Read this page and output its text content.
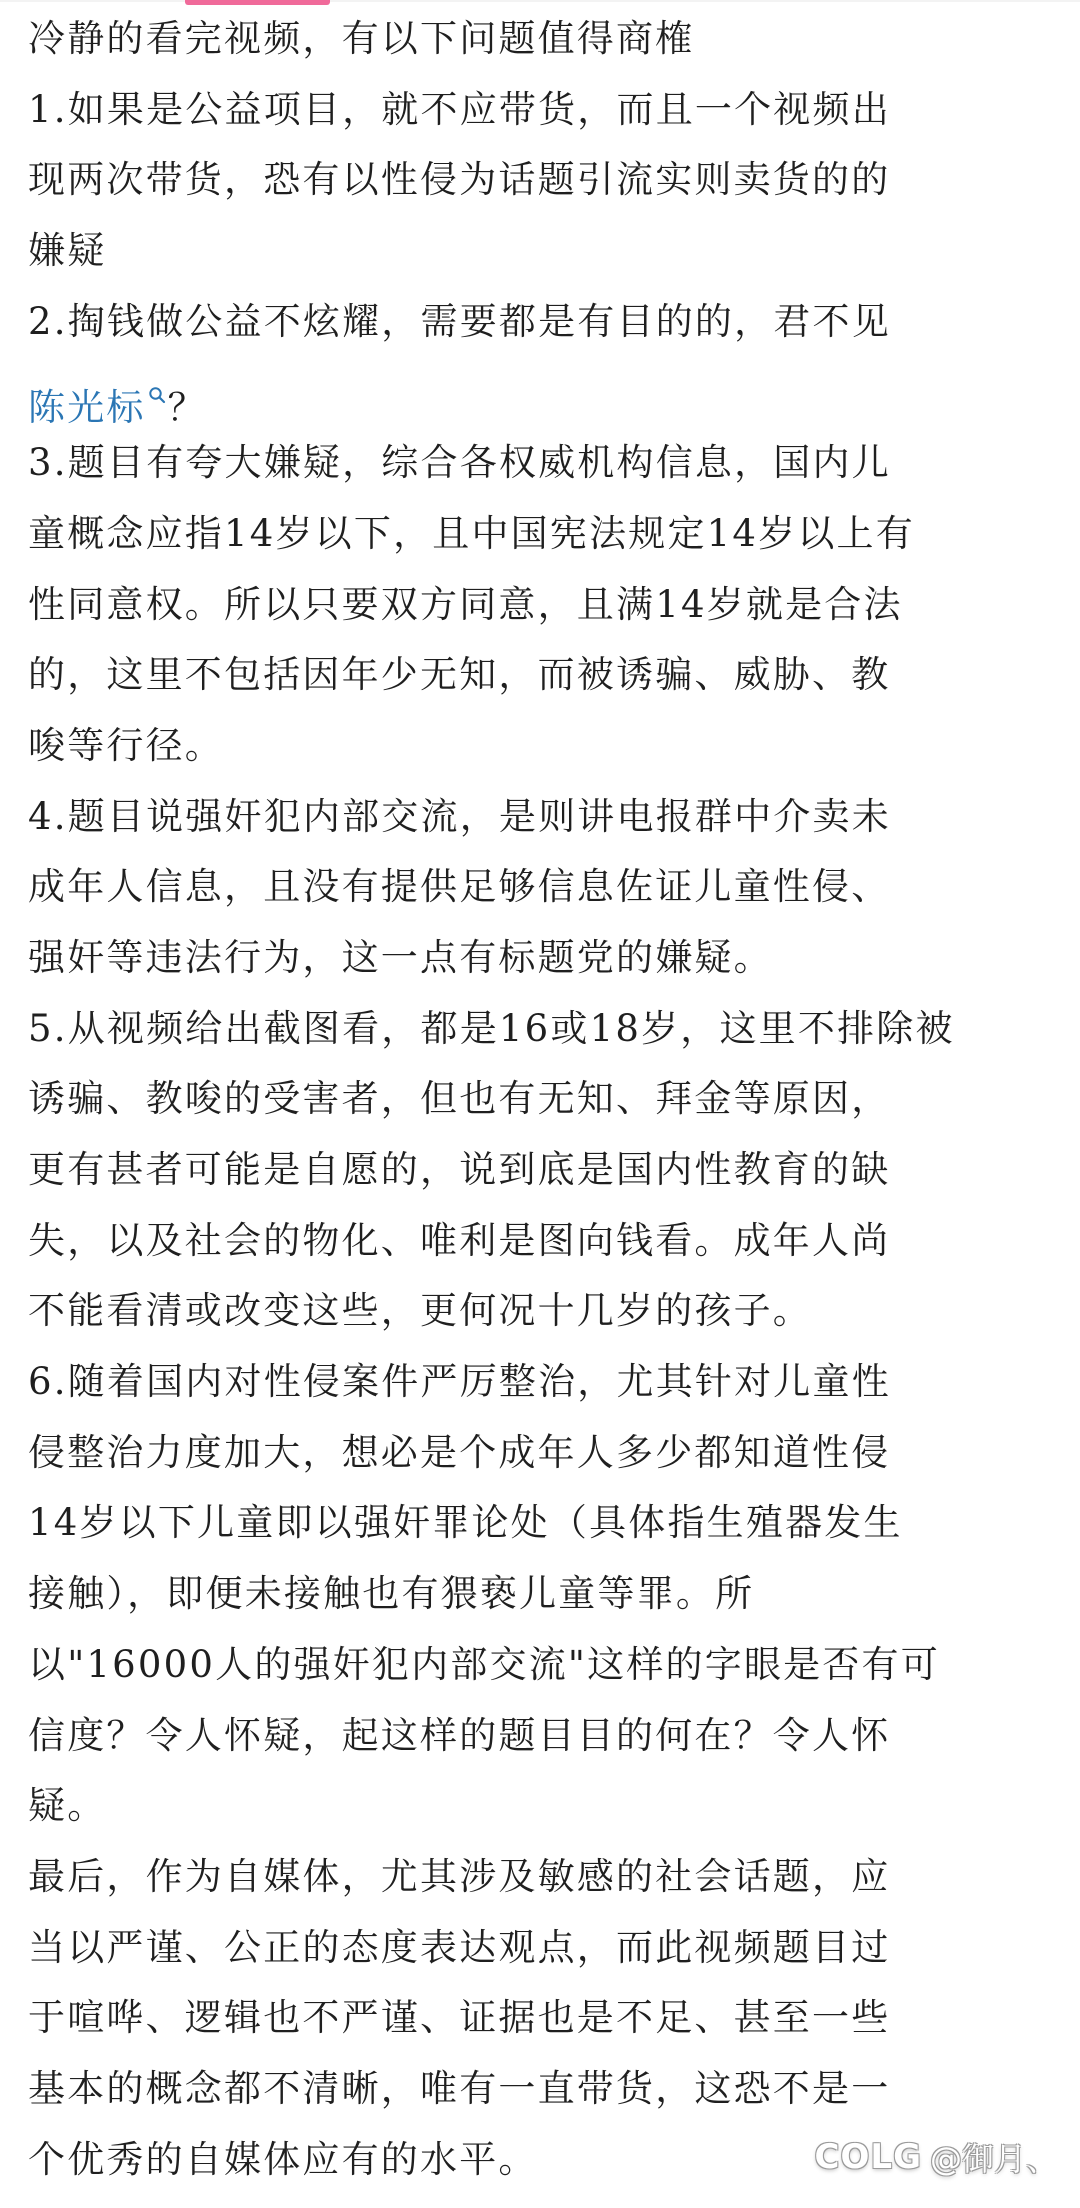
冷静的看完视频，有以下问题值得商榷
1.如果是公益项目，就不应带货，而且一个视频出
现两次带货，恐有以性侵为话题引流实则卖货的的
嫌疑
2.掏钱做公益不炫耀，需要都是有目的的，君不见
陈光标 ？
3.题目有夸大嫌疑，综合各权威机构信息，国内儿
童概念应指14岁以下，且中国宪法规定14岁以上有
性同意权。所以只要双方同意，且满14岁就是合法
的，这里不包括因年少无知，而被诱骗、威胁、教
唆等行径。
4.题目说强奸犯内部交流，是则讲电报群中介卖未
成年人信息，且没有提供足够信息佐证儿童性侵、
强奸等违法行为，这一点有标题党的嫌疑。
5.从视频给出截图看，都是16或18岁，这里不排除被
诱骗、教唆的受害者，但也有无知、拜金等原因，
更有甚者可能是自愿的，说到底是国内性教育的缺
失，以及社会的物化、唯利是图向钱看。成年人尚
不能看清或改变这些，更何况十几岁的孩子。
6.随着国内对性侵案件严厉整治，尤其针对儿童性
侵整治力度加大，想必是个成年人多少都知道性侵
14岁以下儿童即以强奸罪论处（具体指生殖器发生
接触），即便未接触也有猥亵儿童等罪。所
以"16000人的强奸犯内部交流"这样的字眼是否有可
信度？令人怀疑，起这样的题目目的何在？令人怀
疑。
最后，作为自媒体，尤其涉及敏感的社会话题，应
当以严谨、公正的态度表达观点，而此视频题目过
于喧哗、逻辑也不严谨、证据也是不足、甚至一些
基本的概念都不清晰，唯有一直带货，这恐不是一
个优秀的自媒体应有的水平。	COLG @御月、
